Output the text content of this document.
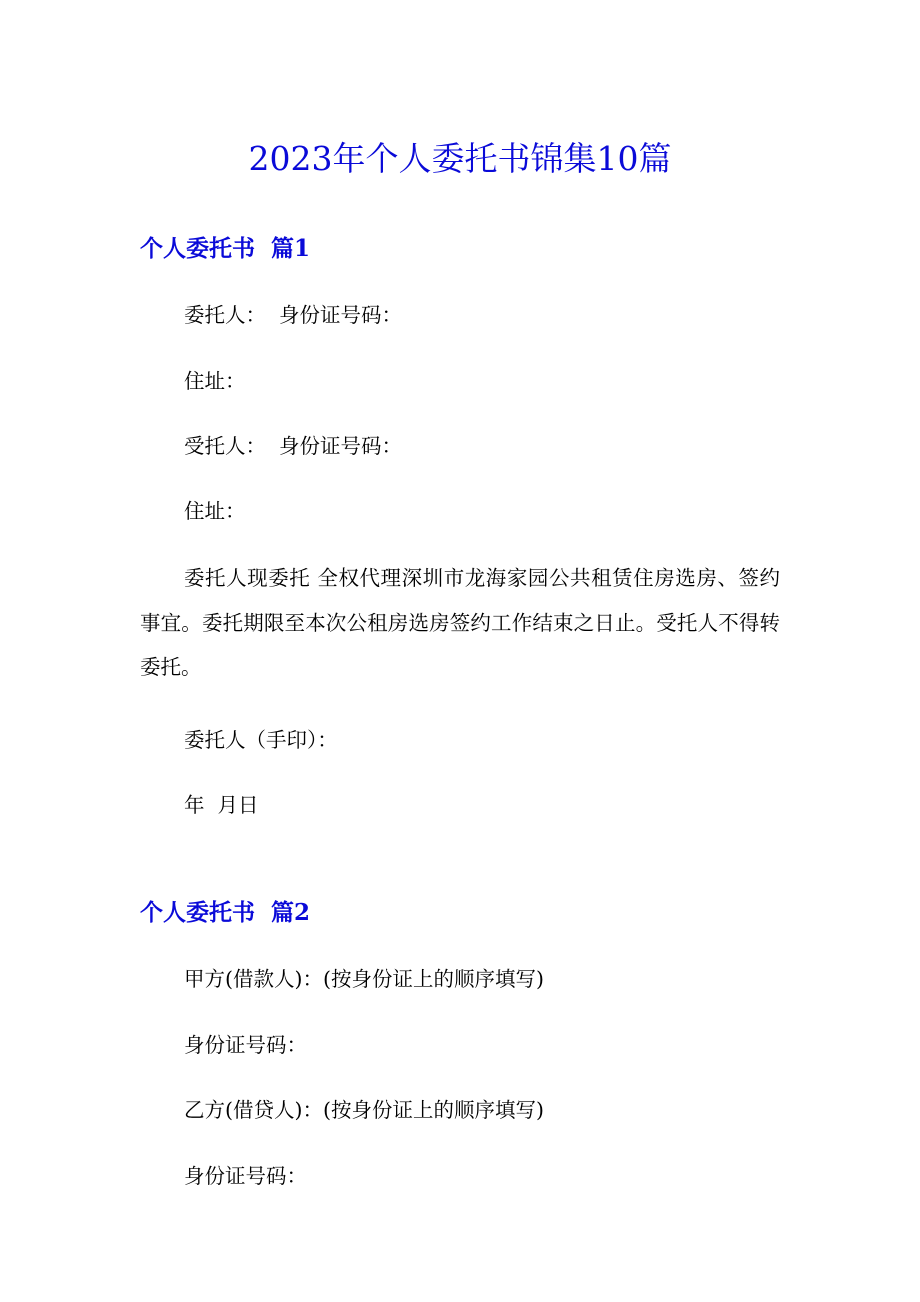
2023年个人委托书锦集10篇
个人委托书  篇1
委托人：  身份证号码：
住址：
受托人：  身份证号码：
住址：
委托人现委托 全权代理深圳市龙海家园公共租赁住房选房、签约事宜。委托期限至本次公租房选房签约工作结束之日止。受托人不得转委托。
委托人（手印）：
年  月日
个人委托书  篇2
甲方(借款人)：(按身份证上的顺序填写)
身份证号码：
乙方(借贷人)：(按身份证上的顺序填写)
身份证号码：
